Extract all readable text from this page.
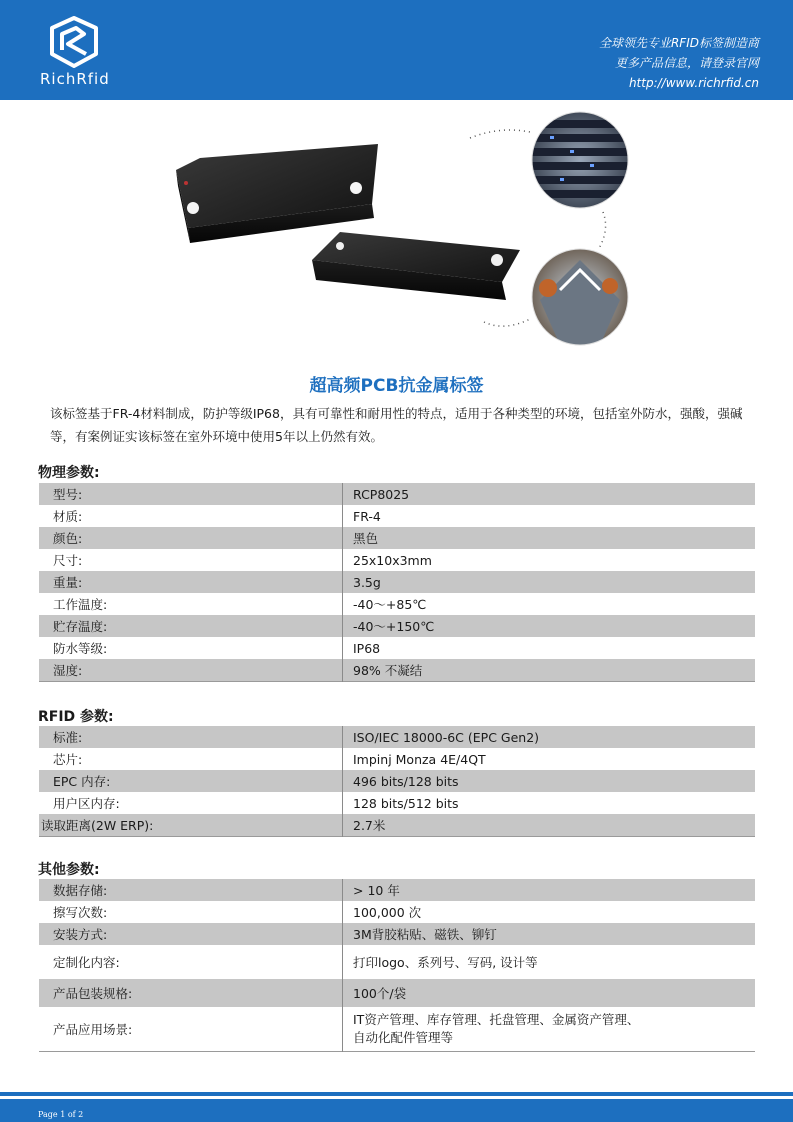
RichRfid
全球领先专业RFID标签制造商
更多产品信息，请登录官网
http://www.richrfid.cn
超高频PCB抗金属标签
该标签基于FR-4材料制成，防护等级IP68，具有可靠性和耐用性的特点，适用于各种类型的环境，包括室外防水，强酸，强碱等，有案例证实该标签在室外环境中使用5年以上仍然有效。
物理参数:
型号:	RCP8025
材质:	FR-4
颜色:	黑色
尺寸:	25x10x3mm
重量:	3.5g
工作温度:	-40～+85℃
贮存温度:	-40～+150℃
防水等级:	IP68
湿度:	98% 不凝结
RFID 参数:
标准:	ISO/IEC 18000-6C (EPC Gen2)
芯片:	Impinj Monza 4E/4QT
EPC 内存:	496 bits/128 bits
用户区内存:	128 bits/512 bits
读取距离(2W ERP):	2.7米
其他参数:
数据存储:	> 10 年
擦写次数:	100,000 次
安装方式:	3M背胶粘贴、磁铁、铆钉
定制化内容:	打印logo、系列号、写码, 设计等
产品包装规格:	100个/袋
产品应用场景:	IT资产管理、库存管理、托盘管理、金属资产管理、
自动化配件管理等
Page 1 of 2
